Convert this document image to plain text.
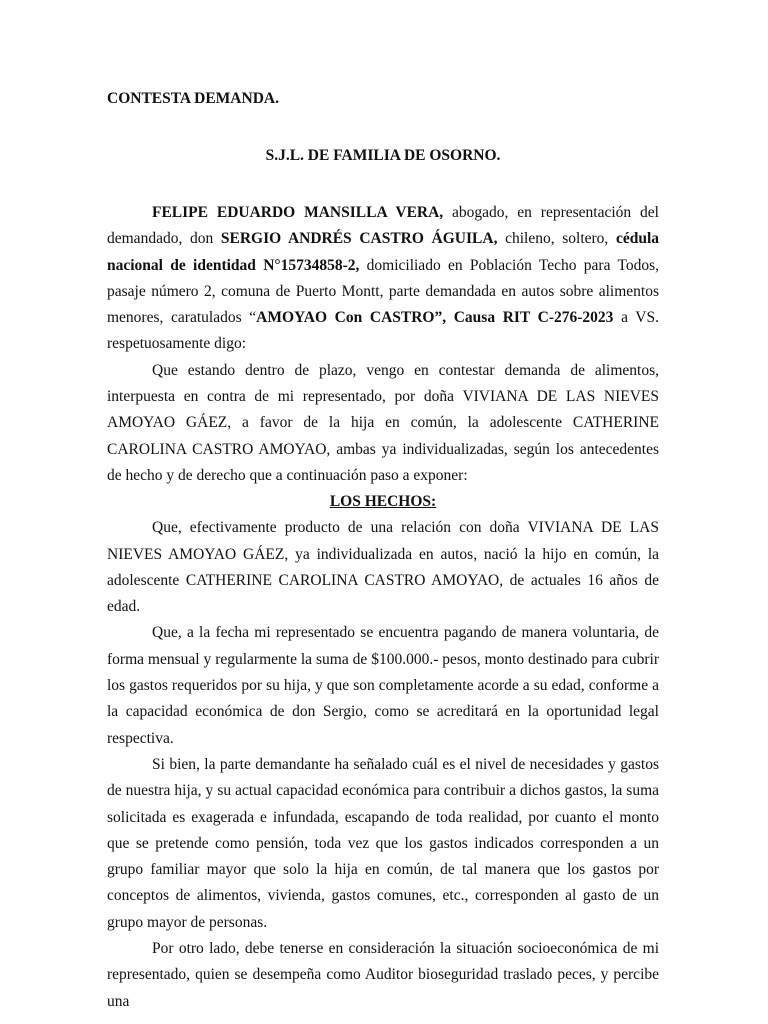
CONTESTA DEMANDA.

S.J.L. DE FAMILIA DE OSORNO.

FELIPE EDUARDO MANSILLA VERA, abogado, en representación del demandado, don SERGIO ANDRÉS CASTRO ÁGUILA, chileno, soltero, cédula nacional de identidad N°15734858-2, domiciliado en Población Techo para Todos, pasaje número 2, comuna de Puerto Montt, parte demandada en autos sobre alimentos menores, caratulados “AMOYAO Con CASTRO”, Causa RIT C-276-2023 a VS. respetuosamente digo:

Que estando dentro de plazo, vengo en contestar demanda de alimentos, interpuesta en contra de mi representado, por doña VIVIANA DE LAS NIEVES AMOYAO GÁEZ, a favor de la hija en común, la adolescente CATHERINE CAROLINA CASTRO AMOYAO, ambas ya individualizadas, según los antecedentes de hecho y de derecho que a continuación paso a exponer:

LOS HECHOS:

Que, efectivamente producto de una relación con doña VIVIANA DE LAS NIEVES AMOYAO GÁEZ, ya individualizada en autos, nació la hijo en común, la adolescente CATHERINE CAROLINA CASTRO AMOYAO, de actuales 16 años de edad.

Que, a la fecha mi representado se encuentra pagando de manera voluntaria, de forma mensual y regularmente la suma de $100.000.- pesos, monto destinado para cubrir los gastos requeridos por su hija, y que son completamente acorde a su edad, conforme a la capacidad económica de don Sergio, como se acreditará en la oportunidad legal respectiva.

Si bien, la parte demandante ha señalado cuál es el nivel de necesidades y gastos de nuestra hija, y su actual capacidad económica para contribuir a dichos gastos, la suma solicitada es exagerada e infundada, escapando de toda realidad, por cuanto el monto que se pretende como pensión, toda vez que los gastos indicados corresponden a un grupo familiar mayor que solo la hija en común, de tal manera que los gastos por conceptos de alimentos, vivienda, gastos comunes, etc., corresponden al gasto de un grupo mayor de personas.

Por otro lado, debe tenerse en consideración la situación socioeconómica de mi representado, quien se desempeña como Auditor bioseguridad traslado peces, y percibe una
